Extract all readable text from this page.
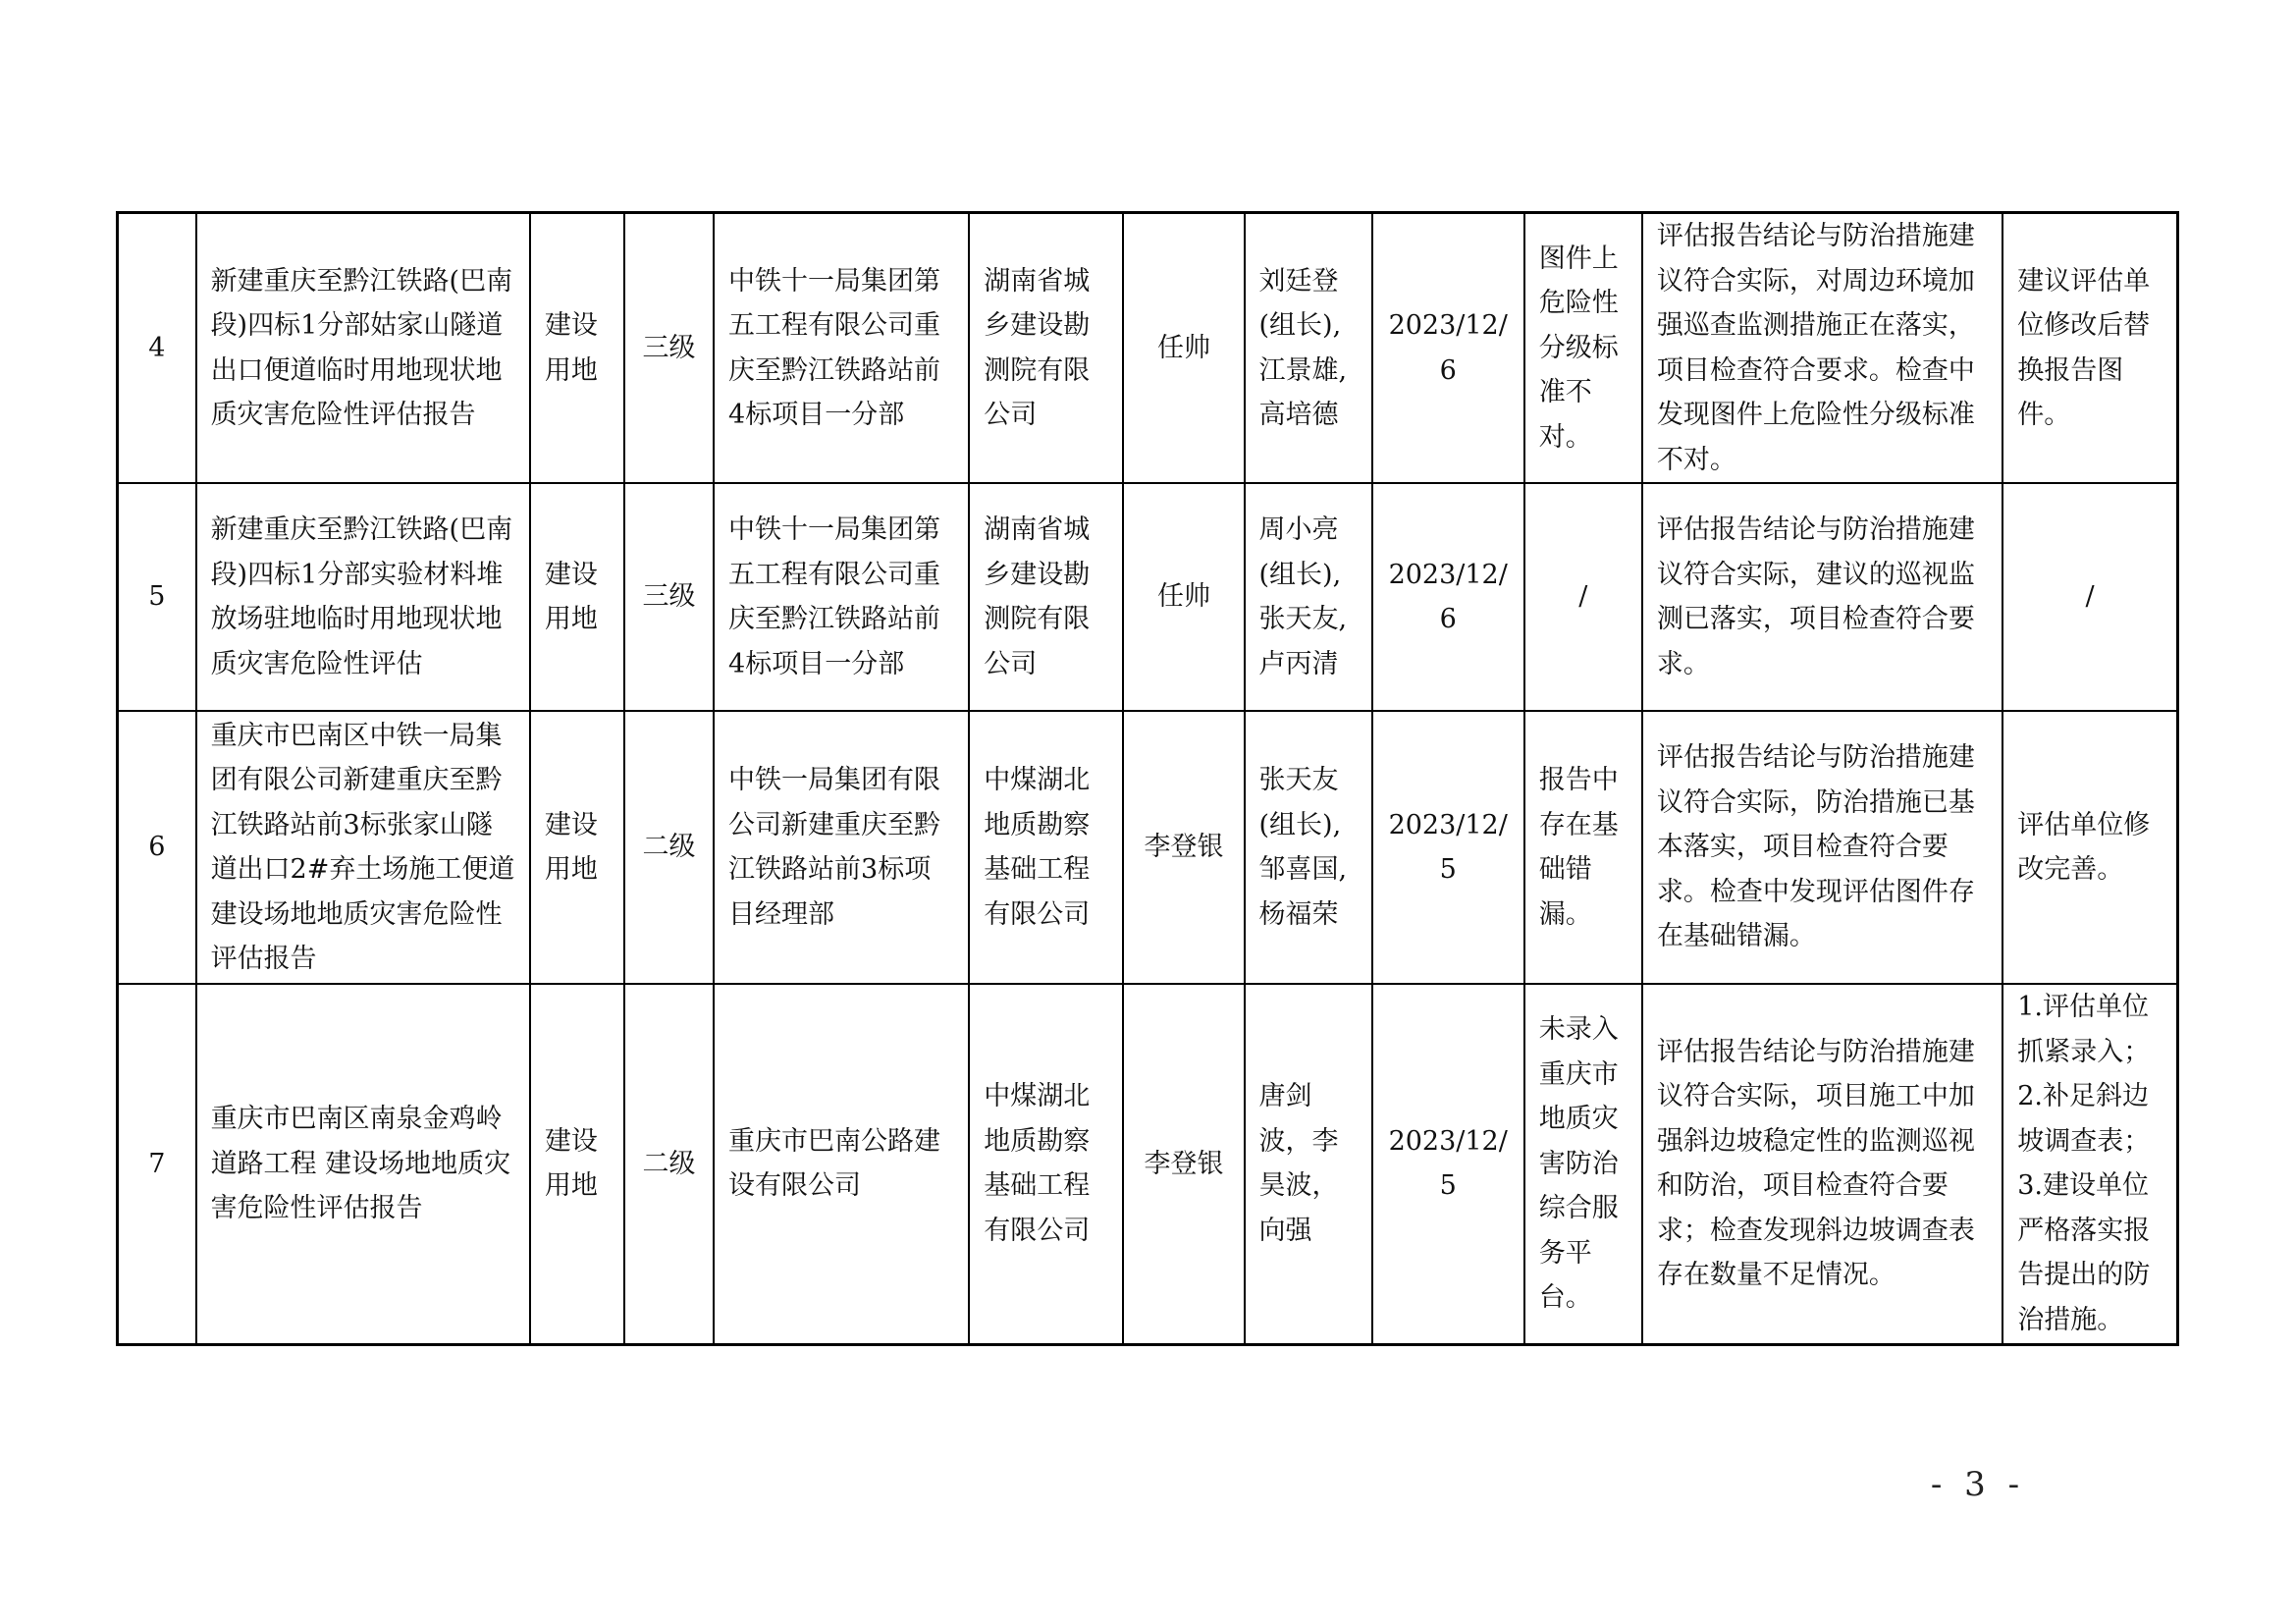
4	新建重庆至黔江铁路(巴南段)四标1分部姑家山隧道出口便道临时用地现状地质灾害危险性评估报告	建设用地	三级	中铁十一局集团第五工程有限公司重庆至黔江铁路站前4标项目一分部	湖南省城乡建设勘测院有限公司	任帅	刘廷登(组长),江景雄,高培德	2023/12/6	图件上危险性分级标准不对。	评估报告结论与防治措施建议符合实际，对周边环境加强巡查监测措施正在落实，项目检查符合要求。检查中发现图件上危险性分级标准不对。	建议评估单位修改后替换报告图件。
5	新建重庆至黔江铁路(巴南段)四标1分部实验材料堆放场驻地临时用地现状地质灾害危险性评估	建设用地	三级	中铁十一局集团第五工程有限公司重庆至黔江铁路站前4标项目一分部	湖南省城乡建设勘测院有限公司	任帅	周小亮(组长),张天友,卢丙清	2023/12/6	/	评估报告结论与防治措施建议符合实际，建议的巡视监测已落实，项目检查符合要求。	/
6	重庆市巴南区中铁一局集团有限公司新建重庆至黔江铁路站前3标张家山隧道出口2#弃土场施工便道建设场地地质灾害危险性评估报告	建设用地	二级	中铁一局集团有限公司新建重庆至黔江铁路站前3标项目经理部	中煤湖北地质勘察基础工程有限公司	李登银	张天友(组长),邹喜国,杨福荣	2023/12/5	报告中存在基础错漏。	评估报告结论与防治措施建议符合实际，防治措施已基本落实，项目检查符合要求。检查中发现评估图件存在基础错漏。	评估单位修改完善。
7	重庆市巴南区南泉金鸡岭道路工程 建设场地地质灾害危险性评估报告	建设用地	二级	重庆市巴南公路建设有限公司	中煤湖北地质勘察基础工程有限公司	李登银	唐剑波，李昊波，向强	2023/12/5	未录入重庆市地质灾害防治综合服务平台。	评估报告结论与防治措施建议符合实际，项目施工中加强斜边坡稳定性的监测巡视和防治，项目检查符合要求；检查发现斜边坡调查表存在数量不足情况。	1.评估单位抓紧录入；2.补足斜边坡调查表；3.建设单位严格落实报告提出的防治措施。
- 3 -
